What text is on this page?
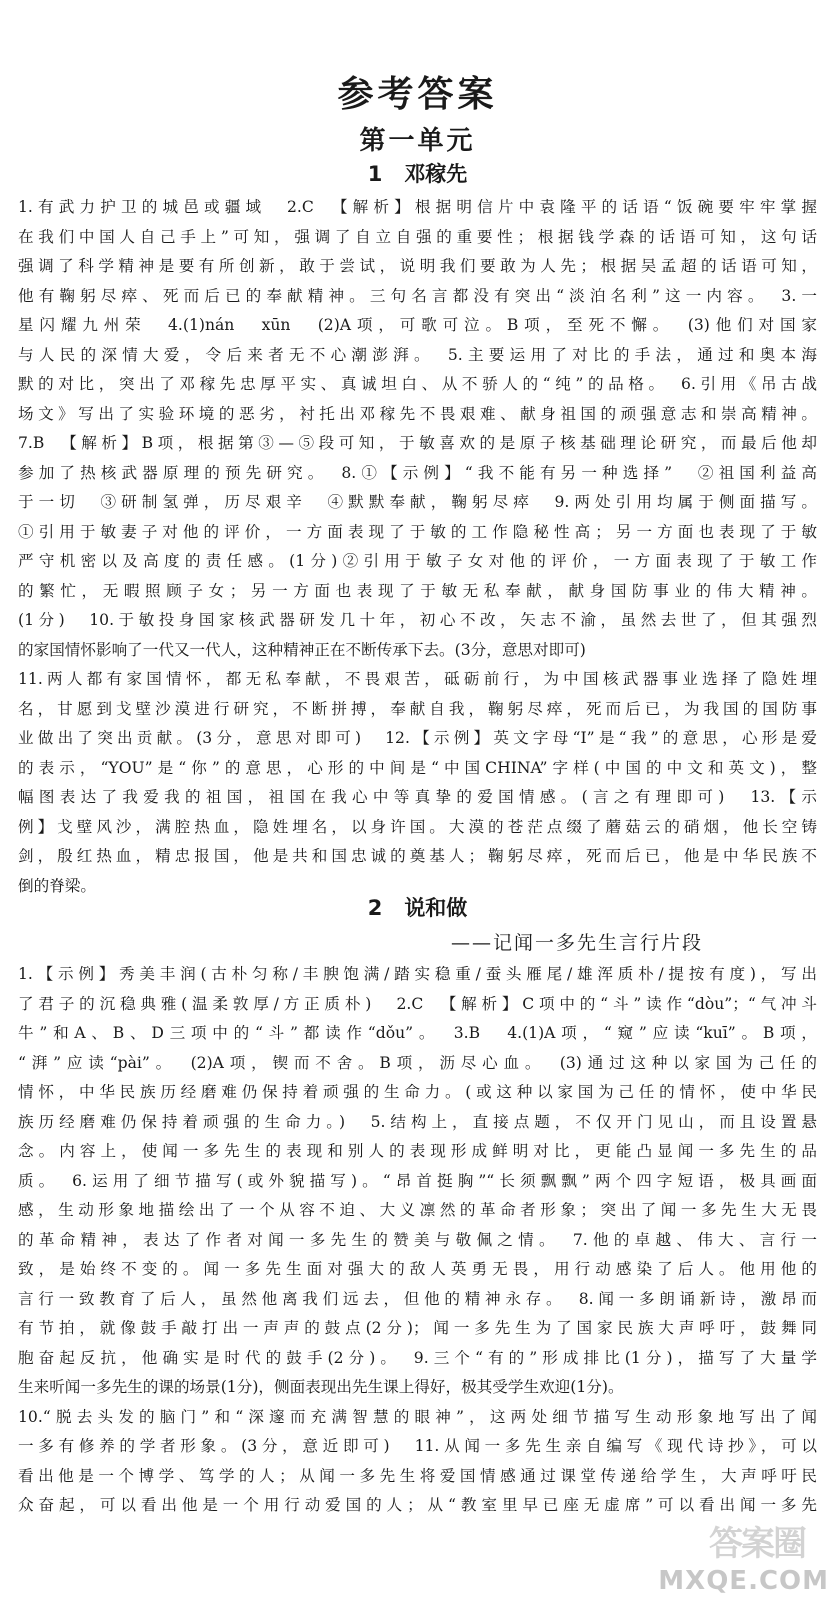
参考答案
第一单元
1 邓稼先
1.有武力护卫的城邑或疆域　2.C　【解析】根据明信片中袁隆平的话语“饭碗要牢牢掌握
在我们中国人自己手上”可知，强调了自立自强的重要性；根据钱学森的话语可知，这句话
强调了科学精神是要有所创新，敢于尝试，说明我们要敢为人先；根据吴孟超的话语可知，
他有鞠躬尽瘁、死而后已的奉献精神。三句名言都没有突出“淡泊名利”这一内容。　3.一
星闪耀九州荣　4.(1)nán　xūn　(2)A项，可歌可泣。B项，至死不懈。　(3)他们对国家
与人民的深情大爱，令后来者无不心潮澎湃。　5.主要运用了对比的手法，通过和奥本海
默的对比，突出了邓稼先忠厚平实、真诚坦白、从不骄人的“纯”的品格。　6.引用《吊古战
场文》写出了实验环境的恶劣，衬托出邓稼先不畏艰难、献身祖国的顽强意志和崇高精神。
7.B　【解析】B项，根据第③—⑤段可知，于敏喜欢的是原子核基础理论研究，而最后他却
参加了热核武器原理的预先研究。　8.①【示例】“我不能有另一种选择”　②祖国利益高
于一切　③研制氢弹，历尽艰辛　④默默奉献，鞠躬尽瘁　9.两处引用均属于侧面描写。
①引用于敏妻子对他的评价，一方面表现了于敏的工作隐秘性高；另一方面也表现了于敏
严守机密以及高度的责任感。(1分)②引用于敏子女对他的评价，一方面表现了于敏工作
的繁忙，无暇照顾子女；另一方面也表现了于敏无私奉献，献身国防事业的伟大精神。
(1分)　10.于敏投身国家核武器研发几十年，初心不改，矢志不渝，虽然去世了，但其强烈
的家国情怀影响了一代又一代人，这种精神正在不断传承下去。(3分，意思对即可)
11.两人都有家国情怀，都无私奉献，不畏艰苦，砥砺前行，为中国核武器事业选择了隐姓埋
名，甘愿到戈壁沙漠进行研究，不断拼搏，奉献自我，鞠躬尽瘁，死而后已，为我国的国防事
业做出了突出贡献。(3分，意思对即可)　12.【示例】英文字母“I”是“我”的意思，心形是爱
的表示，“YOU”是“你”的意思，心形的中间是“中国CHINA”字样(中国的中文和英文)，整
幅图表达了我爱我的祖国，祖国在我心中等真挚的爱国情感。(言之有理即可)　13.【示
例】戈壁风沙，满腔热血，隐姓埋名，以身许国。大漠的苍茫点缀了蘑菇云的硝烟，他长空铸
剑，殷红热血，精忠报国，他是共和国忠诚的奠基人；鞠躬尽瘁，死而后已，他是中华民族不
倒的脊梁。
2 说和做
——记闻一多先生言行片段
1.【示例】秀美丰润(古朴匀称/丰腴饱满/踏实稳重/蚕头雁尾/雄浑质朴/提按有度)，写出
了君子的沉稳典雅(温柔敦厚/方正质朴)　2.C　【解析】C项中的“斗”读作“dòu”；“气冲斗
牛”和A、B、D三项中的“斗”都读作“dǒu”。　3.B　4.(1)A项，“窥”应读“kuī”。B项，
“湃”应读“pài”。　(2)A项，锲而不舍。B项，沥尽心血。　(3)通过这种以家国为己任的
情怀，中华民族历经磨难仍保持着顽强的生命力。(或这种以家国为己任的情怀，使中华民
族历经磨难仍保持着顽强的生命力。)　5.结构上，直接点题，不仅开门见山，而且设置悬
念。内容上，使闻一多先生的表现和别人的表现形成鲜明对比，更能凸显闻一多先生的品
质。　6.运用了细节描写(或外貌描写)。“昂首挺胸”“长须飘飘”两个四字短语，极具画面
感，生动形象地描绘出了一个从容不迫、大义凛然的革命者形象；突出了闻一多先生大无畏
的革命精神，表达了作者对闻一多先生的赞美与敬佩之情。　7.他的卓越、伟大、言行一
致，是始终不变的。闻一多先生面对强大的敌人英勇无畏，用行动感染了后人。他用他的
言行一致教育了后人，虽然他离我们远去，但他的精神永存。　8.闻一多朗诵新诗，激昂而
有节拍，就像鼓手敲打出一声声的鼓点(2分)；闻一多先生为了国家民族大声呼吁，鼓舞同
胞奋起反抗，他确实是时代的鼓手(2分)。　9.三个“有的”形成排比(1分)，描写了大量学
生来听闻一多先生的课的场景(1分)，侧面表现出先生课上得好，极其受学生欢迎(1分)。
10.“脱去头发的脑门”和“深邃而充满智慧的眼神”，这两处细节描写生动形象地写出了闻
一多有修养的学者形象。(3分，意近即可)　11.从闻一多先生亲自编写《现代诗抄》，可以
看出他是一个博学、笃学的人；从闻一多先生将爱国情感通过课堂传递给学生，大声呼吁民
众奋起，可以看出他是一个用行动爱国的人；从“教室里早已座无虚席”可以看出闻一多先
答案圈
MXQE.COM
